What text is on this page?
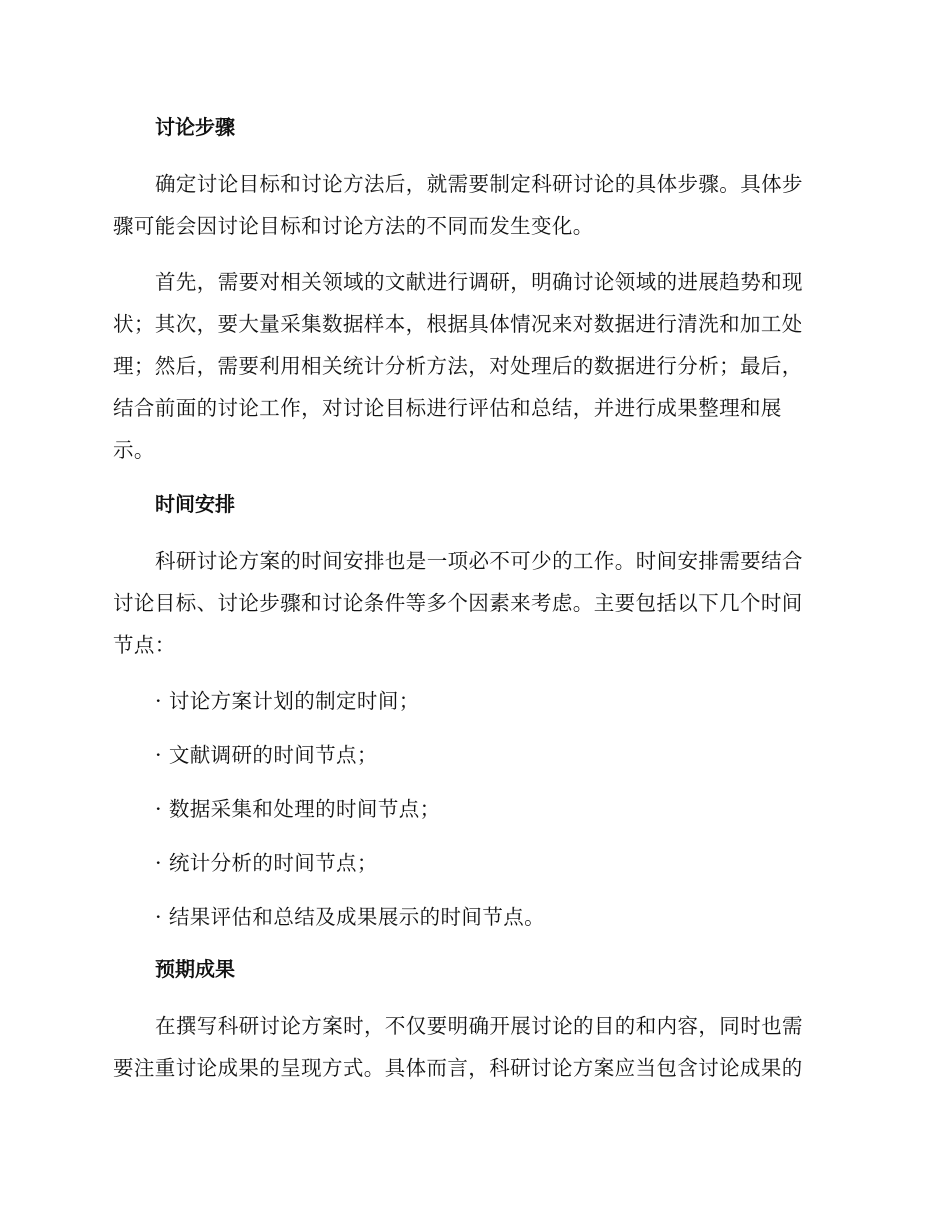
讨论步骤
确定讨论目标和讨论方法后，就需要制定科研讨论的具体步骤。具体步
骤可能会因讨论目标和讨论方法的不同而发生变化。
首先，需要对相关领域的文献进行调研，明确讨论领域的进展趋势和现
状；其次，要大量采集数据样本，根据具体情况来对数据进行清洗和加工处
理；然后，需要利用相关统计分析方法，对处理后的数据进行分析；最后，
结合前面的讨论工作，对讨论目标进行评估和总结，并进行成果整理和展
示。
时间安排
科研讨论方案的时间安排也是一项必不可少的工作。时间安排需要结合
讨论目标、讨论步骤和讨论条件等多个因素来考虑。主要包括以下几个时间
节点：
· 讨论方案计划的制定时间；
· 文献调研的时间节点；
· 数据采集和处理的时间节点；
· 统计分析的时间节点；
· 结果评估和总结及成果展示的时间节点。
预期成果
在撰写科研讨论方案时，不仅要明确开展讨论的目的和内容，同时也需
要注重讨论成果的呈现方式。具体而言，科研讨论方案应当包含讨论成果的
